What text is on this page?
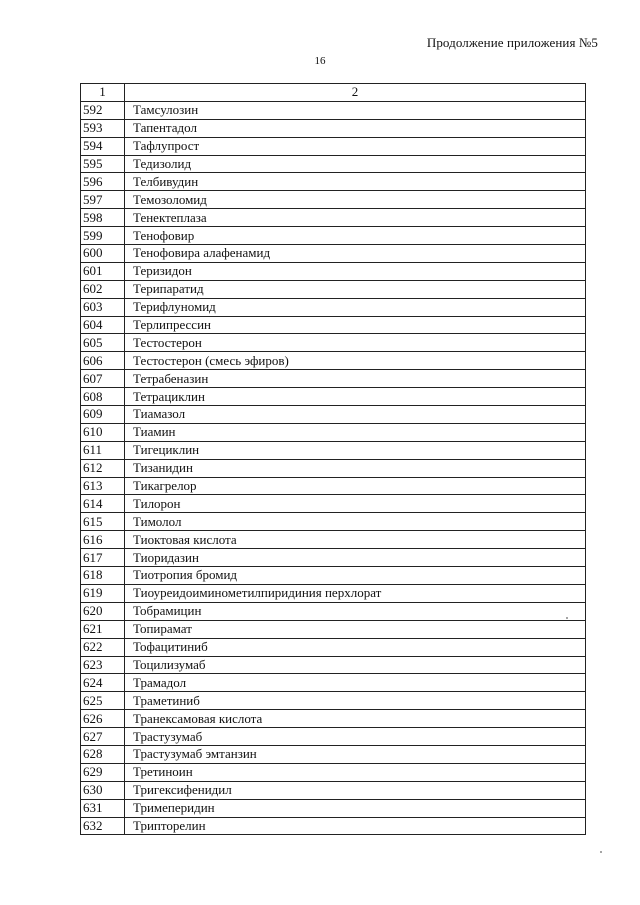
Продолжение приложения №5
16
1	2
592	Тамсулозин
593	Тапентадол
594	Тафлупрост
595	Тедизолид
596	Телбивудин
597	Темозоломид
598	Тенектеплаза
599	Тенофовир
600	Тенофовира алафенамид
601	Теризидон
602	Терипаратид
603	Терифлуномид
604	Терлипрессин
605	Тестостерон
606	Тестостерон (смесь эфиров)
607	Тетрабеназин
608	Тетрациклин
609	Тиамазол
610	Тиамин
611	Тигециклин
612	Тизанидин
613	Тикагрелор
614	Тилорон
615	Тимолол
616	Тиоктовая кислота
617	Тиоридазин
618	Тиотропия бромид
619	Тиоуреидоиминометилпиридиния перхлорат
620	Тобрамицин
621	Топирамат
622	Тофацитиниб
623	Тоцилизумаб
624	Трамадол
625	Траметиниб
626	Транексамовая кислота
627	Трастузумаб
628	Трастузумаб эмтанзин
629	Третиноин
630	Тригексифенидил
631	Тримеперидин
632	Трипторелин
